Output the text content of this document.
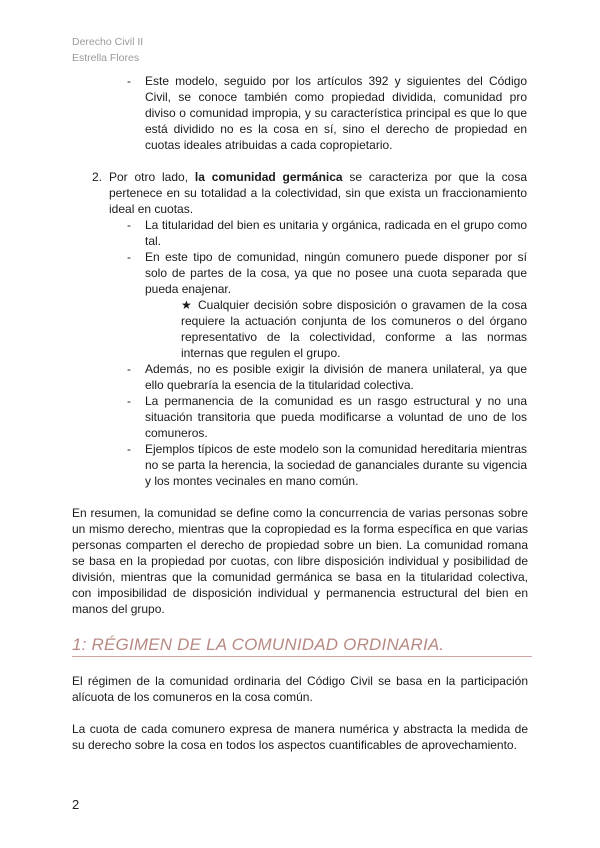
Derecho Civil II
Estrella Flores
- Este modelo, seguido por los artículos 392 y siguientes del Código Civil, se conoce también como propiedad dividida, comunidad pro diviso o comunidad impropia, y su característica principal es que lo que está dividido no es la cosa en sí, sino el derecho de propiedad en cuotas ideales atribuidas a cada copropietario.
2. Por otro lado, la comunidad germánica se caracteriza por que la cosa pertenece en su totalidad a la colectividad, sin que exista un fraccionamiento ideal en cuotas.
- La titularidad del bien es unitaria y orgánica, radicada en el grupo como tal.
- En este tipo de comunidad, ningún comunero puede disponer por sí solo de partes de la cosa, ya que no posee una cuota separada que pueda enajenar.
★ Cualquier decisión sobre disposición o gravamen de la cosa requiere la actuación conjunta de los comuneros o del órgano representativo de la colectividad, conforme a las normas internas que regulen el grupo.
- Además, no es posible exigir la división de manera unilateral, ya que ello quebraría la esencia de la titularidad colectiva.
- La permanencia de la comunidad es un rasgo estructural y no una situación transitoria que pueda modificarse a voluntad de uno de los comuneros.
- Ejemplos típicos de este modelo son la comunidad hereditaria mientras no se parta la herencia, la sociedad de gananciales durante su vigencia y los montes vecinales en mano común.
En resumen, la comunidad se define como la concurrencia de varias personas sobre un mismo derecho, mientras que la copropiedad es la forma específica en que varias personas comparten el derecho de propiedad sobre un bien. La comunidad romana se basa en la propiedad por cuotas, con libre disposición individual y posibilidad de división, mientras que la comunidad germánica se basa en la titularidad colectiva, con imposibilidad de disposición individual y permanencia estructural del bien en manos del grupo.
1: RÉGIMEN DE LA COMUNIDAD ORDINARIA.
El régimen de la comunidad ordinaria del Código Civil se basa en la participación alícuota de los comuneros en la cosa común.
La cuota de cada comunero expresa de manera numérica y abstracta la medida de su derecho sobre la cosa en todos los aspectos cuantificables de aprovechamiento.
2
